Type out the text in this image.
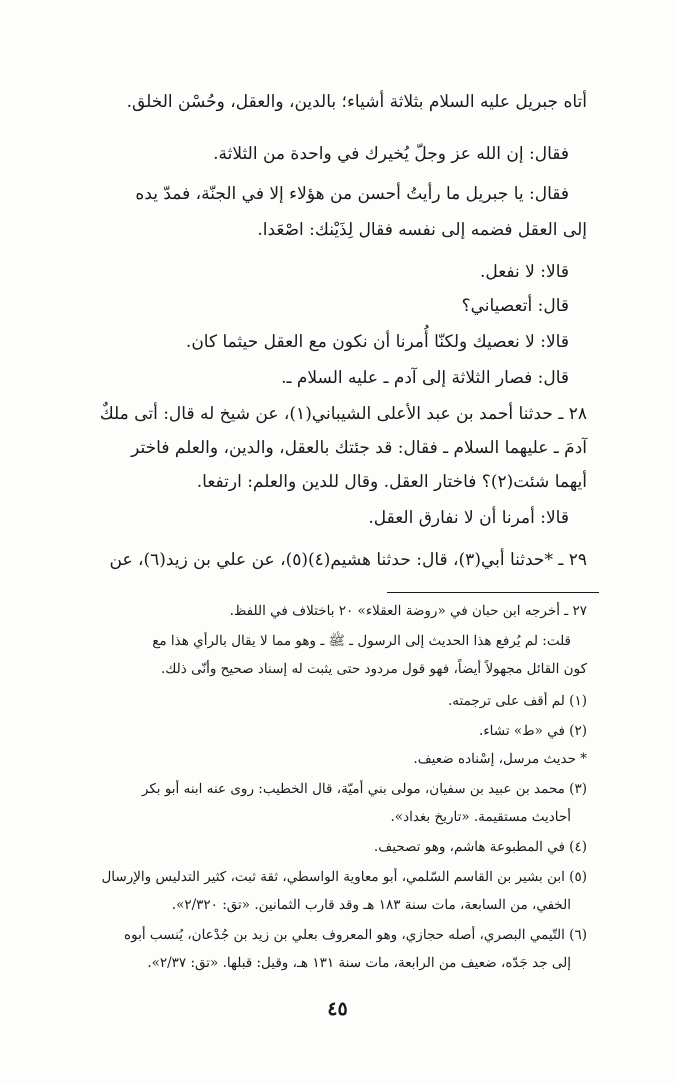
أتاه جبريل عليه السلام بثلاثة أشياء؛ بالدين، والعقل، وحُسْن الخلق.
فقال: إن الله عز وجلّ يُخيرك في واحدة من الثلاثة.
فقال: يا جبريل ما رأيتُ أحسن من هؤلاء إلا في الجنّة، فمدّ يده
إلى العقل فضمه إلى نفسه فقال لِذَيْنك: اصْعَدا.
قالا: لا نفعل.
قال: أتعصياني؟
قالا: لا نعصيك ولكنّا أُمرنا أن نكون مع العقل حيثما كان.
قال: فصار الثلاثة إلى آدم ـ عليه السلام ـ.
٢٨ ـ حدثنا أحمد بن عبد الأعلى الشيباني(١)، عن شيخ له قال: أتى ملكٌ
آدمَ ـ عليهما السلام ـ فقال: قد جئتك بالعقل، والدين، والعلم فاختر
أيهما شئت(٢)؟ فاختار العقل. وقال للدين والعلم: ارتفعا.
قالا: أمرنا أن لا نفارق العقل.
٢٩ ـ *حدثنا أبي(٣)، قال: حدثنا هشيم(٤)(٥)، عن علي بن زيد(٦)، عن
٢٧ ـ أخرجه ابن حبان في «روضة العقلاء» ٢٠ باختلاف في اللفظ.
قلت: لم يُرفع هذا الحديث إلى الرسول ـ ﷺ ـ وهو مما لا يقال بالرأي هذا مع
كون القائل مجهولاً أيضاً، فهو قول مردود حتى يثبت له إسناد صحيح وأنّى ذلك.
(١) لم أقف على ترجمته.
(٢) في «ط» تشاء.
* حديث مرسل، إسْناده ضعيف.
(٣) محمد بن عبيد بن سفيان، مولى بني أميّة، قال الخطيب: روى عنه ابنه أبو بكر
أحاديث مستقيمة. «تاريخ بغداد».
(٤) في المطبوعة هاشم، وهو تصحيف.
(٥) ابن بشير بن القاسم السّلمي، أبو معاوية الواسطي، ثقة ثبت، كثير التدليس والإرسال
الخفي، من السابعة، مات سنة ١٨٣ هـ وقد قارب الثمانين. «تق: ٢/٣٢٠».
(٦) التّيمي البصري، أصله حجازي، وهو المعروف بعلي بن زيد بن جُدْعان، يُنسب أبوه
إلى جد جَدّه، ضعيف من الرابعة، مات سنة ١٣١ هـ، وقيل: قبلها. «تق: ٢/٣٧».
٤٥
